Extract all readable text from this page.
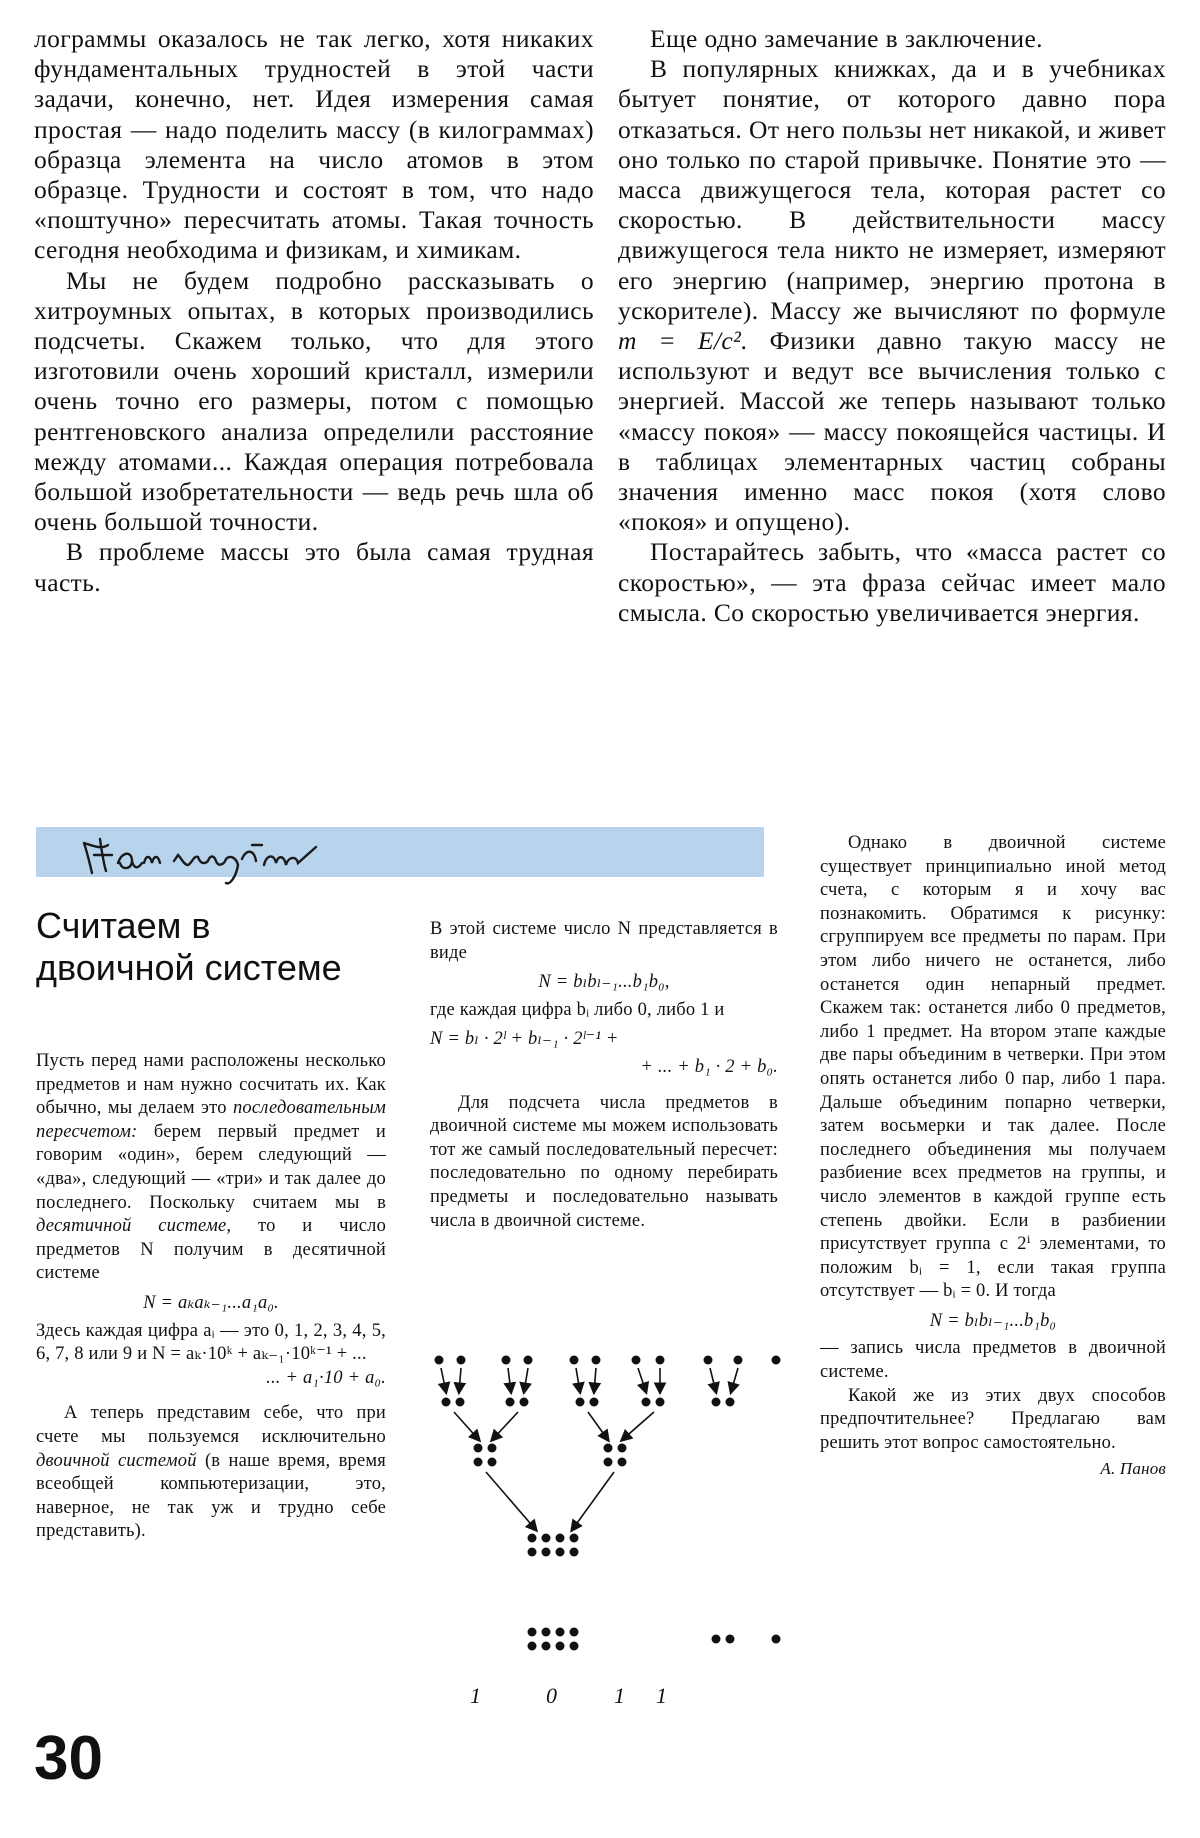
лограммы оказалось не так легко, хотя никаких фундаментальных трудностей в этой части задачи, конечно, нет. Идея измерения самая простая — надо поделить массу (в килограммах) образца элемента на число атомов в этом образце. Трудности и состоят в том, что надо «поштучно» пересчитать атомы. Такая точность сегодня необходима и физикам, и химикам.

Мы не будем подробно рассказывать о хитроумных опытах, в которых производились подсчеты. Скажем только, что для этого изготовили очень хороший кристалл, измерили очень точно его размеры, потом с помощью рентгеновского анализа определили расстояние между атомами... Каждая операция потребовала большой изобретательности — ведь речь шла об очень большой точности.

В проблеме массы это была самая трудная часть.

Еще одно замечание в заключение.

В популярных книжках, да и в учебниках бытует понятие, от которого давно пора отказаться. От него пользы нет никакой, и живет оно только по старой привычке. Понятие это — масса движущегося тела, которая растет со скоростью. В действительности массу движущегося тела никто не измеряет, измеряют его энергию (например, энергию протона в ускорителе). Массу же вычисляют по формуле m = E/c². Физики давно такую массу не используют и ведут все вычисления только с энергией. Массой же теперь называют только «массу покоя» — массу покоящейся частицы. И в таблицах элементарных частиц собраны значения именно масс покоя (хотя слово «покоя» и опущено).

Постарайтесь забыть, что «масса растет со скоростью», — эта фраза сейчас имеет мало смысла. Со скоростью увеличивается энергия.

Считаем в двоичной системе

Пусть перед нами расположены несколько предметов и нам нужно сосчитать их. Как обычно, мы делаем это последовательным пересчетом: берем первый предмет и говорим «один», берем следующий — «два», следующий — «три» и так далее до последнего. Поскольку считаем мы в десятичной системе, то и число предметов N получим в десятичной системе

N = aₖaₖ₋₁...a₁a₀.

Здесь каждая цифра aᵢ — это 0, 1, 2, 3, 4, 5, 6, 7, 8 или 9 и N = aₖ·10ᵏ + aₖ₋₁·10ᵏ⁻¹ + ...

... + a₁·10 + a₀.

А теперь представим себе, что при счете мы пользуемся исключительно двоичной системой (в наше время, время всеобщей компьютеризации, это, наверное, не так уж и трудно себе представить).

В этой системе число N представляется в виде

N = bₗbₗ₋₁...b₁b₀,

где каждая цифра bᵢ либо 0, либо 1 и

N = bₗ · 2ˡ + bₗ₋₁ · 2ˡ⁻¹ +
+ ... + b₁ · 2 + b₀.

Для подсчета числа предметов в двоичной системе мы можем использовать тот же самый последовательный пересчет: последовательно по одному перебирать предметы и последовательно называть числа в двоичной системе.

Однако в двоичной системе существует принципиально иной метод счета, с которым я и хочу вас познакомить. Обратимся к рисунку: сгруппируем все предметы по парам. При этом либо ничего не останется, либо останется один непарный предмет. Скажем так: останется либо 0 предметов, либо 1 предмет. На втором этапе каждые две пары объединим в четверки. При этом опять останется либо 0 пар, либо 1 пара. Дальше объединим попарно четверки, затем восьмерки и так далее. После последнего объединения мы получаем разбиение всех предметов на группы, и число элементов в каждой группе есть степень двойки. Если в разбиении присутствует группа с 2ⁱ элементами, то положим bᵢ = 1, если такая группа отсутствует — bᵢ = 0. И тогда

N = bₗbₗ₋₁...b₁b₀

— запись числа предметов в двоичной системе.

Какой же из этих двух способов предпочтительнее? Предлагаю вам решить этот вопрос самостоятельно.

А. Панов
1	0	1 1
30
